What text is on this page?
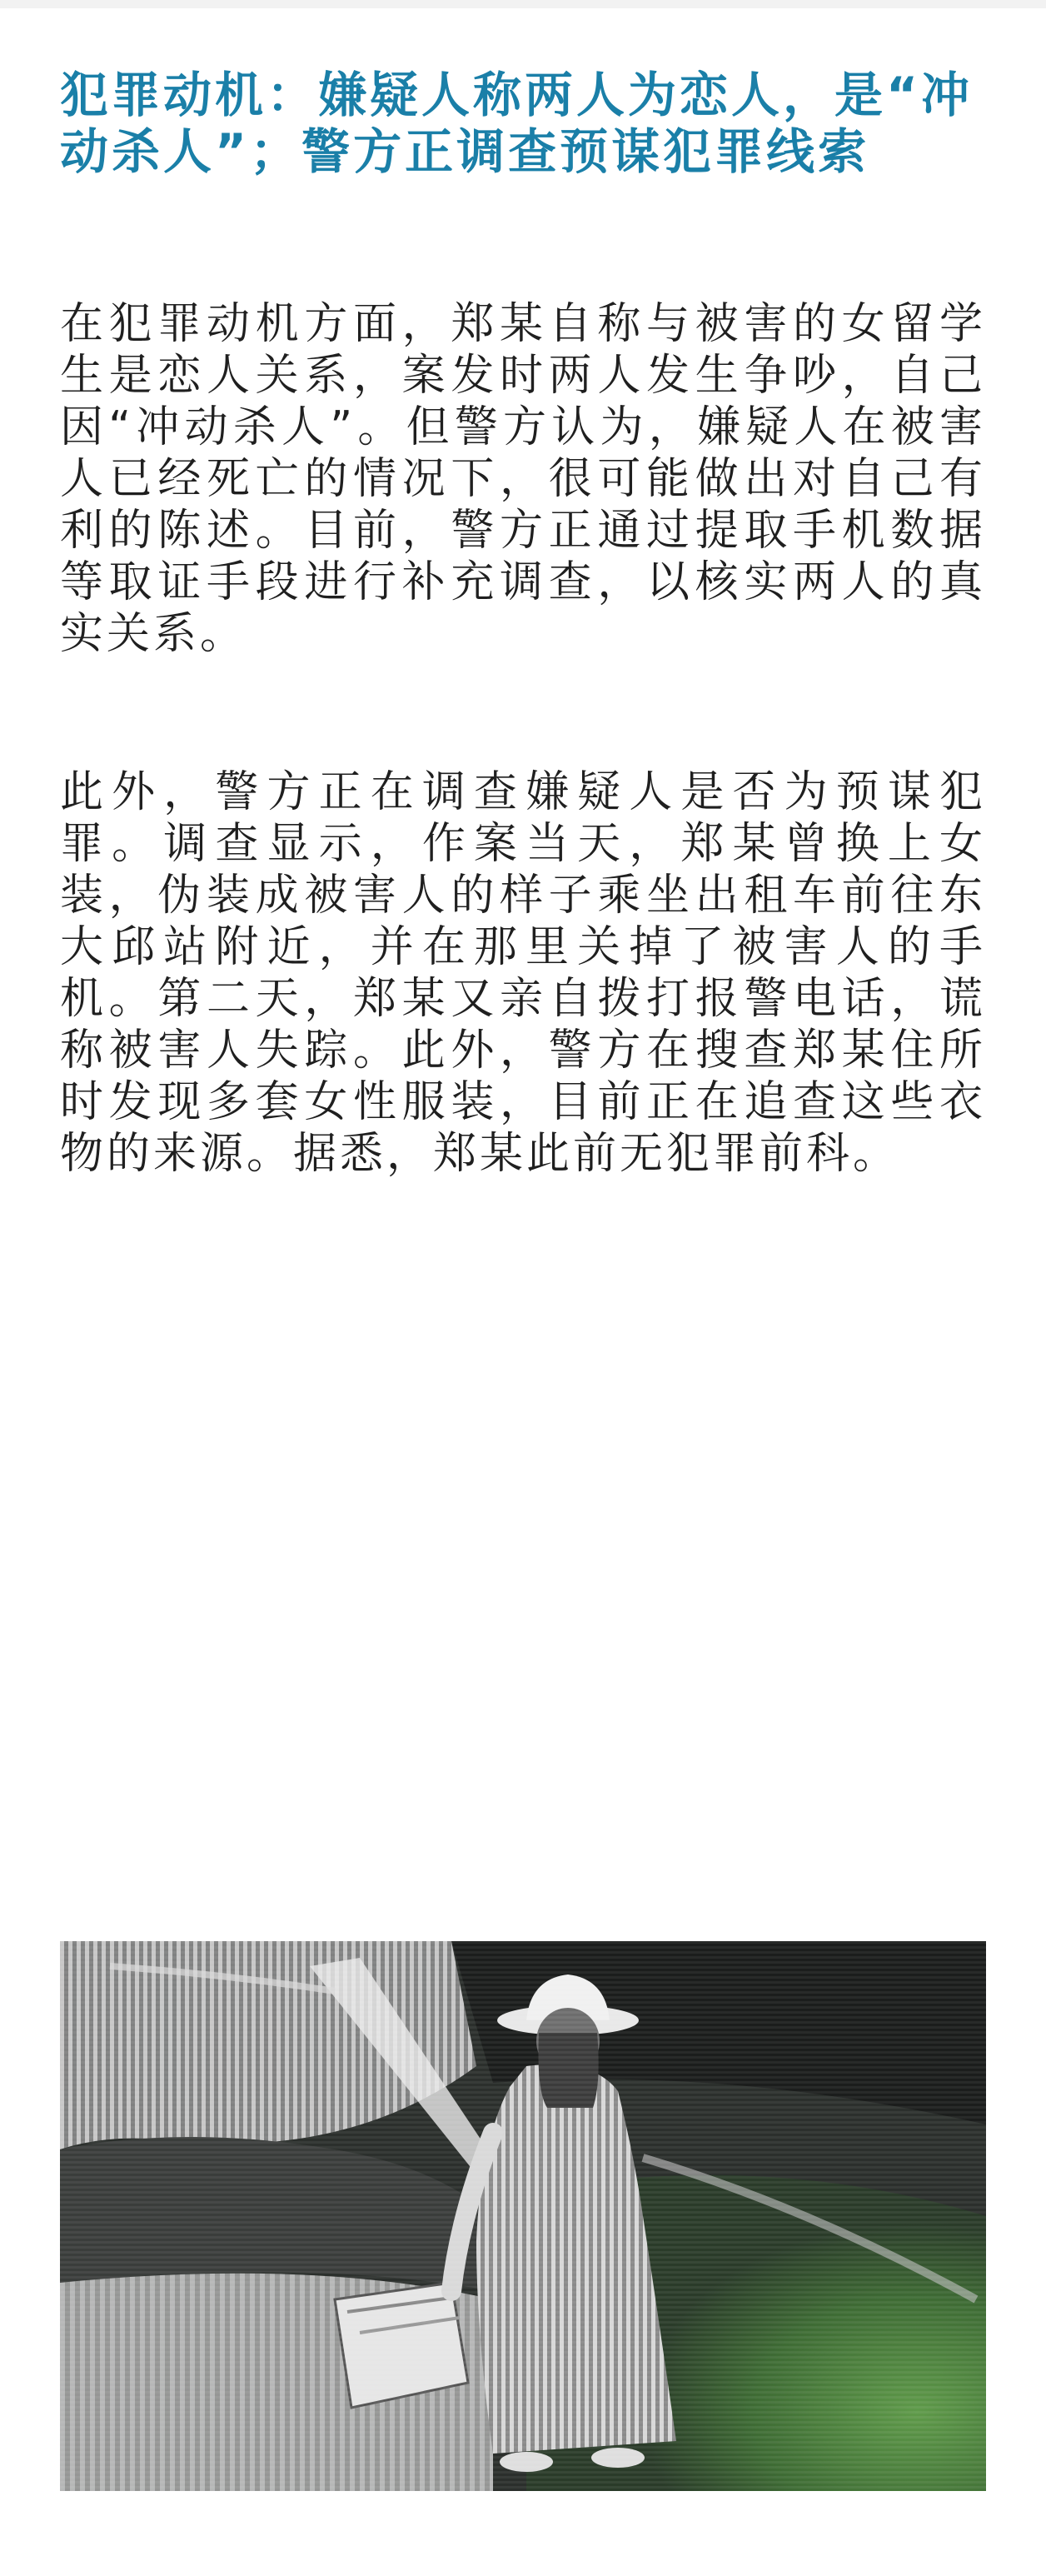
犯罪动机：嫌疑人称两人为恋人，是“冲动杀人”；警方正调查预谋犯罪线索

在犯罪动机方面，郑某自称与被害的女留学生是恋人关系，案发时两人发生争吵，自己因“冲动杀人”。但警方认为，嫌疑人在被害人已经死亡的情况下，很可能做出对自己有利的陈述。目前，警方正通过提取手机数据等取证手段进行补充调查，以核实两人的真实关系。

此外，警方正在调查嫌疑人是否为预谋犯罪。调查显示，作案当天，郑某曾换上女装，伪装成被害人的样子乘坐出租车前往东大邱站附近，并在那里关掉了被害人的手机。第二天，郑某又亲自拨打报警电话，谎称被害人失踪。此外，警方在搜查郑某住所时发现多套女性服装，目前正在追查这些衣物的来源。据悉，郑某此前无犯罪前科。
